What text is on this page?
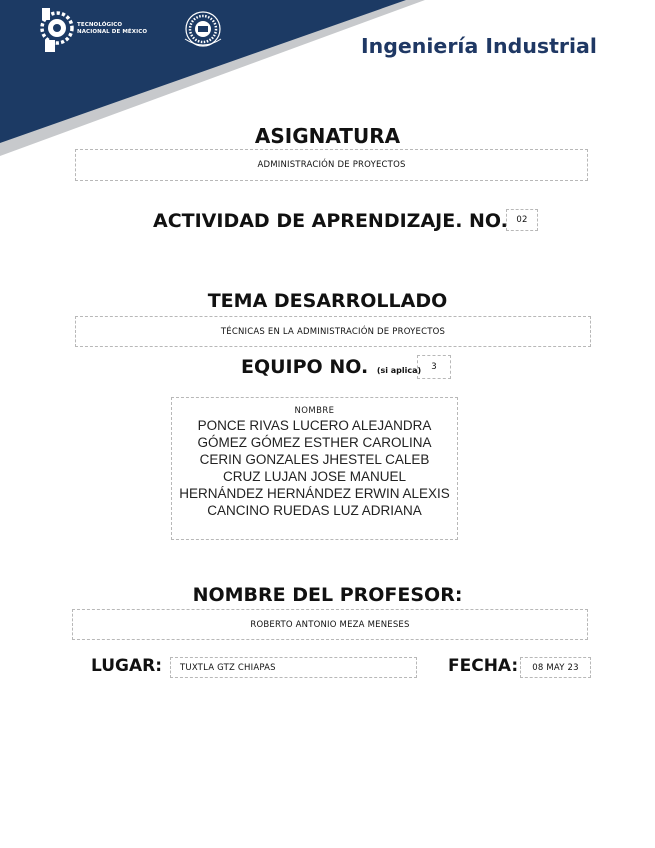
TECNOLÓGICO
NACIONAL DE MÉXICO
Ingeniería Industrial
ASIGNATURA
ADMINISTRACIÓN DE PROYECTOS
ACTIVIDAD DE APRENDIZAJE. NO.	02
TEMA DESARROLLADO
TÉCNICAS EN LA ADMINISTRACIÓN DE PROYECTOS
EQUIPO NO. (si aplica)	3
NOMBRE
PONCE RIVAS LUCERO ALEJANDRA
GÓMEZ GÓMEZ ESTHER CAROLINA
CERIN GONZALES JHESTEL CALEB
CRUZ LUJAN JOSE MANUEL
HERNÁNDEZ HERNÁNDEZ ERWIN ALEXIS
CANCINO RUEDAS LUZ ADRIANA
NOMBRE DEL PROFESOR:
ROBERTO ANTONIO MEZA MENESES
LUGAR:	TUXTLA GTZ CHIAPAS	FECHA:	08 MAY 23
